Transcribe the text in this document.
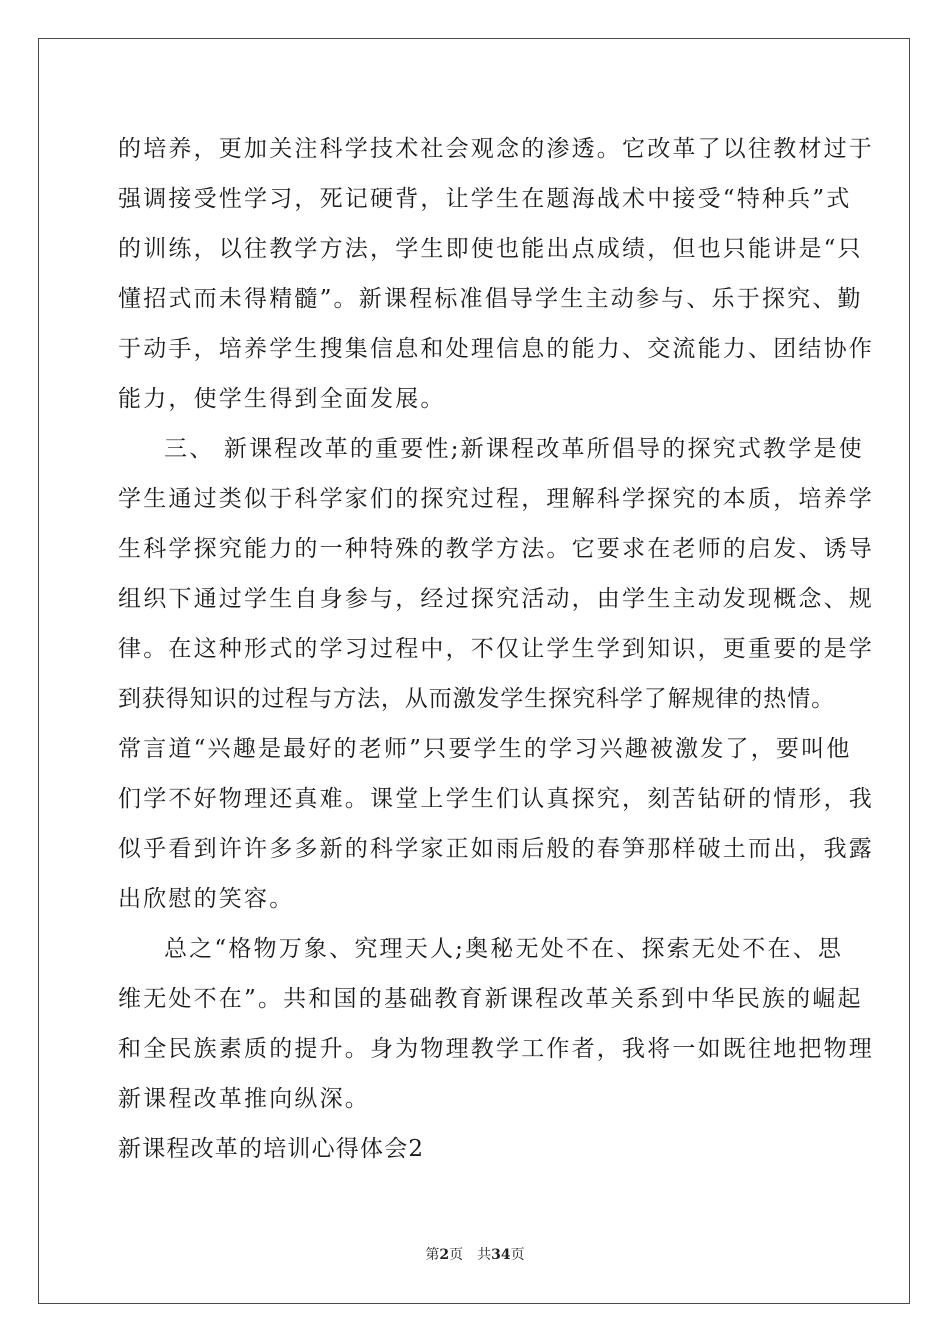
的培养，更加关注科学技术社会观念的渗透。它改革了以往教材过于
强调接受性学习，死记硬背，让学生在题海战术中接受“特种兵”式
的训练，以往教学方法，学生即使也能出点成绩，但也只能讲是“只
懂招式而未得精髓”。新课程标准倡导学生主动参与、乐于探究、勤
于动手，培养学生搜集信息和处理信息的能力、交流能力、团结协作
能力，使学生得到全面发展。
三、 新课程改革的重要性;新课程改革所倡导的探究式教学是使
学生通过类似于科学家们的探究过程，理解科学探究的本质，培养学
生科学探究能力的一种特殊的教学方法。它要求在老师的启发、诱导
组织下通过学生自身参与，经过探究活动，由学生主动发现概念、规
律。在这种形式的学习过程中，不仅让学生学到知识，更重要的是学
到获得知识的过程与方法，从而激发学生探究科学了解规律的热情。
常言道“兴趣是最好的老师”只要学生的学习兴趣被激发了，要叫他
们学不好物理还真难。课堂上学生们认真探究，刻苦钻研的情形，我
似乎看到许许多多新的科学家正如雨后般的春笋那样破土而出，我露
出欣慰的笑容。
总之“格物万象、究理天人;奥秘无处不在、探索无处不在、思
维无处不在”。共和国的基础教育新课程改革关系到中华民族的崛起
和全民族素质的提升。身为物理教学工作者，我将一如既往地把物理
新课程改革推向纵深。
新课程改革的培训心得体会2
第2页 共34页
